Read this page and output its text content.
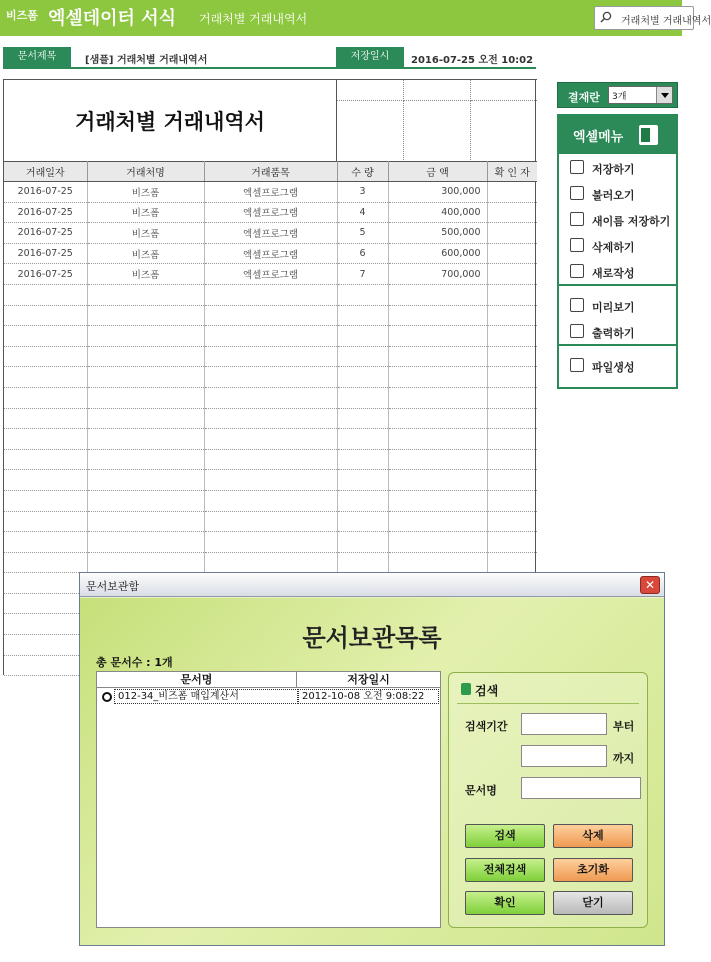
비즈폼 엑셀데이터 서식 거래처별 거래내역서	거래처별 거래내역서
문서제목	[샘플] 거래처별 거래내역서	저장일시	2016-07-25 오전 10:02
거래처별 거래내역서
거래일자	거래처명	거래품목	수 량	금 액	확 인 자
2016-07-25	비즈폼	엑셀프로그램	3	300,000	
2016-07-25	비즈폼	엑셀프로그램	4	400,000	
2016-07-25	비즈폼	엑셀프로그램	5	500,000	
2016-07-25	비즈폼	엑셀프로그램	6	600,000	
2016-07-25	비즈폼	엑셀프로그램	7	700,000	

결재란 3개
엑셀메뉴
저장하기
불러오기
새이름 저장하기
삭제하기
새로작성
미리보기
출력하기
파일생성
문서보관함	✕
문서보관목록
총 문서수 : 1개
문서명	저장일시
012-34_비즈폼 매입계산서	2012-10-08 오전 9:08:22	검색
검색기간	부터
까지
문서명
검색	삭제
전체검색	초기화
확인	닫기
